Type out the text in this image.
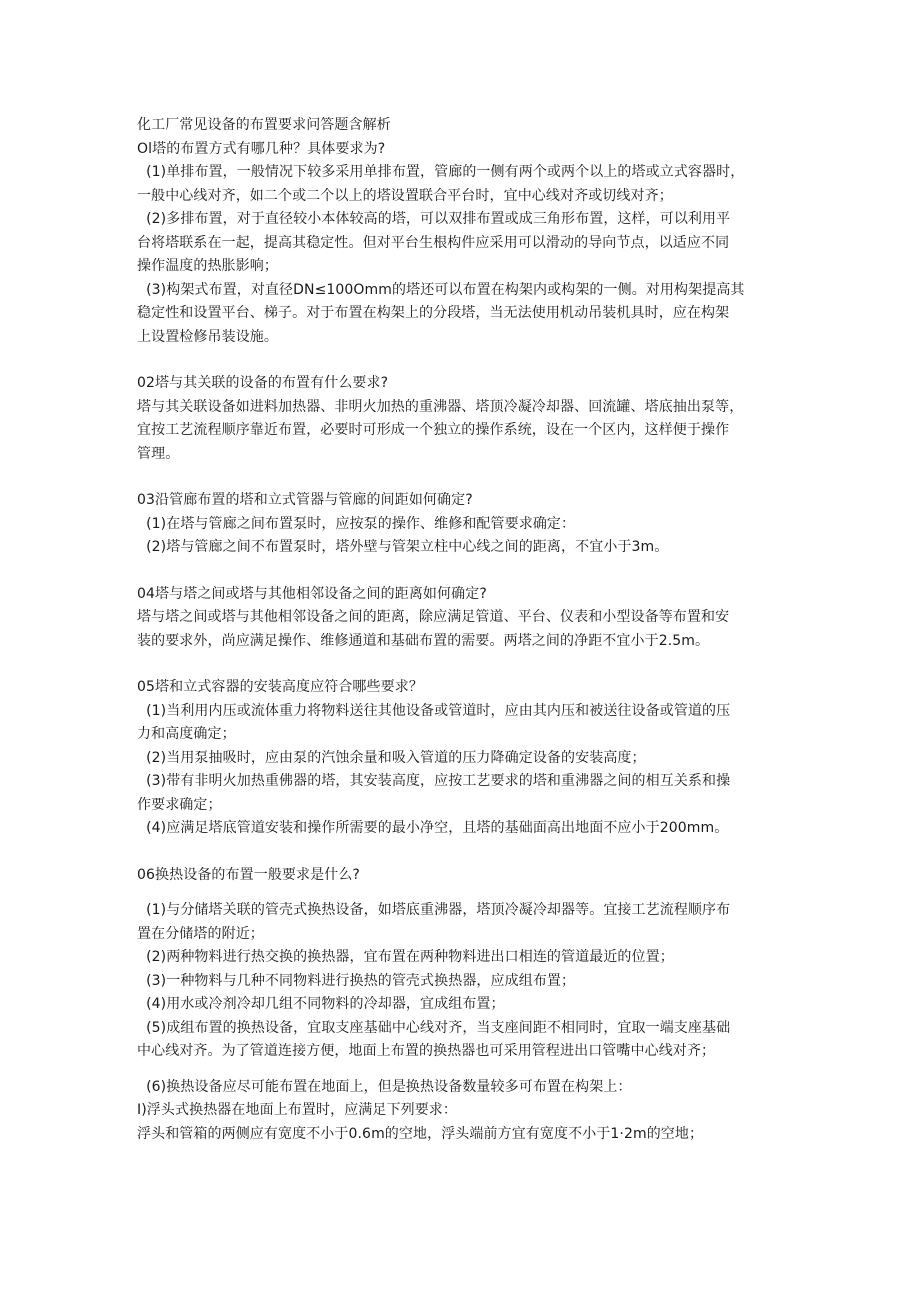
化工厂常见设备的布置要求问答题含解析
Ol塔的布置方式有哪几种？具体要求为?
(1)单排布置，一般情况下较多采用单排布置，管廊的一侧有两个或两个以上的塔或立式容器时，
一般中心线对齐，如二个或二个以上的塔设置联合平台时，宜中心线对齐或切线对齐；
(2)多排布置，对于直径较小本体较高的塔，可以双排布置或成三角形布置，这样，可以利用平
台将塔联系在一起，提高其稳定性。但对平台生根构件应采用可以滑动的导向节点，以适应不同
操作温度的热胀影响；
(3)构架式布置，对直径DN≤100Omm的塔还可以布置在构架内或构架的一侧。对用构架提高其
稳定性和设置平台、梯子。对于布置在构架上的分段塔，当无法使用机动吊装机具时，应在构架
上设置检修吊装设施。
02塔与其关联的设备的布置有什么要求?
塔与其关联设备如进料加热器、非明火加热的重沸器、塔顶冷凝冷却器、回流罐、塔底抽出泵等，
宜按工艺流程顺序靠近布置，必要时可形成一个独立的操作系统，设在一个区内，这样便于操作
管理。
03沿管廊布置的塔和立式管器与管廊的间距如何确定?
(1)在塔与管廊之间布置泵时，应按泵的操作、维修和配管要求确定：
(2)塔与管廊之间不布置泵时，塔外壁与管架立柱中心线之间的距离，不宜小于3m。
04塔与塔之间或塔与其他相邻设备之间的距离如何确定?
塔与塔之间或塔与其他相邻设备之间的距离，除应满足管道、平台、仪表和小型设备等布置和安
装的要求外，尚应满足操作、维修通道和基础布置的需要。两塔之间的净距不宜小于2.5m。
05塔和立式容器的安装高度应符合哪些要求？
(1)当利用内压或流体重力将物料送往其他设备或管道时，应由其内压和被送往设备或管道的压
力和高度确定；
(2)当用泵抽吸时，应由泵的汽蚀余量和吸入管道的压力降确定设备的安装高度；
(3)带有非明火加热重佛器的塔，其安装高度，应按工艺要求的塔和重沸器之间的相互关系和操
作要求确定；
(4)应满足塔底管道安装和操作所需要的最小净空，且塔的基础面高出地面不应小于200mm。
06换热设备的布置一般要求是什么?
(1)与分储塔关联的管壳式换热设备，如塔底重沸器，塔顶冷凝冷却器等。宜接工艺流程顺序布
置在分储塔的附近；
(2)两种物料进行热交换的换热器，宜布置在两种物料进出口相连的管道最近的位置；
(3)一种物料与几种不同物料进行换热的管壳式换热器，应成组布置；
(4)用水或冷剂冷却几组不同物料的冷却器，宜成组布置；
(5)成组布置的换热设备，宜取支座基础中心线对齐，当支座间距不相同时，宜取一端支座基础
中心线对齐。为了管道连接方便，地面上布置的换热器也可采用管程进出口管嘴中心线对齐；
(6)换热设备应尽可能布置在地面上，但是换热设备数量较多可布置在构架上：
I)浮头式换热器在地面上布置时，应满足下列要求：
浮头和管箱的两侧应有宽度不小于0.6m的空地，浮头端前方宜有宽度不小于1·2m的空地；
